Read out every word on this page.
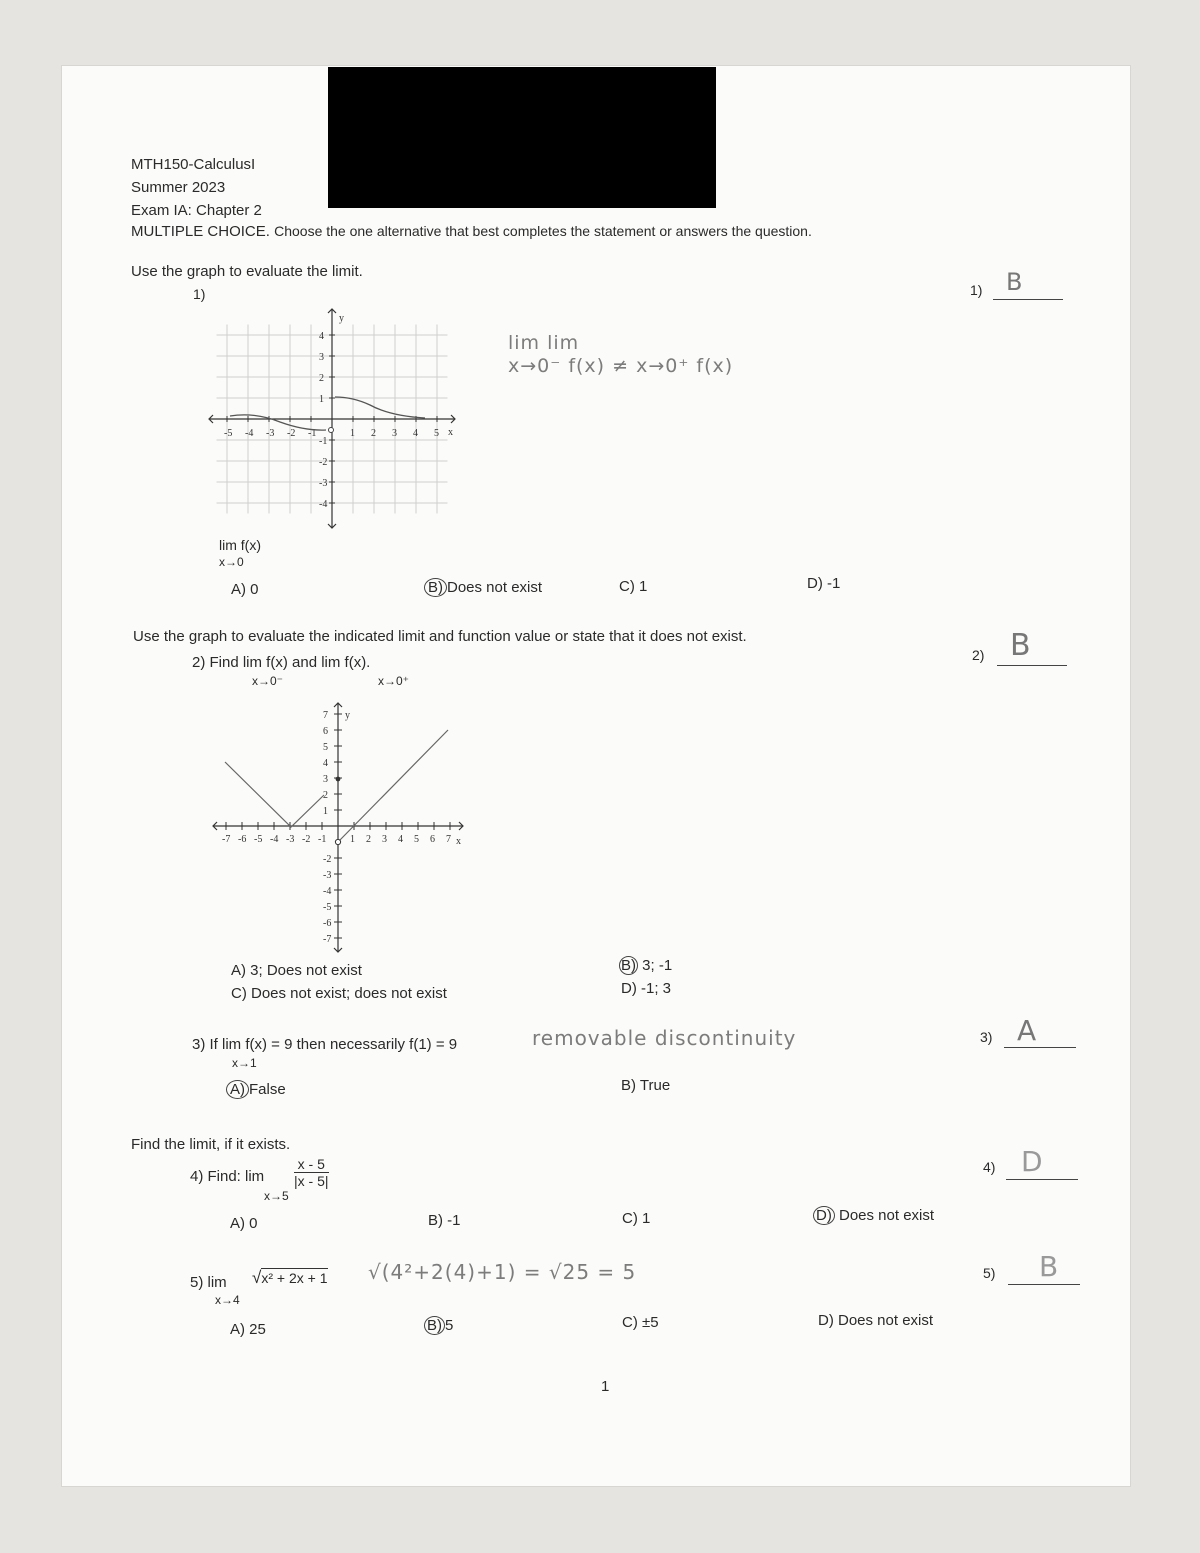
MTH150-CalculusI
Summer 2023
Exam IA: Chapter 2
MULTIPLE CHOICE. Choose the one alternative that best completes the statement or answers the question.
Use the graph to evaluate the limit.
1)
-5 -4 -3 -2 -1	1 2 3 4 5
4
3
2
1
-1
-2
-3
-4
y
x
lim lim
x→0⁻ f(x) ≠ x→0⁺ f(x)
lim f(x)
x→0
A) 0	B) Does not exist	C) 1	D) -1
1) B
Use the graph to evaluate the indicated limit and function value or state that it does not exist.
2) Find lim f(x) and lim f(x).
x→0⁻	x→0⁺
-7 -6 -5 -4 -3 -2 -1 1 2 3 4 5 6 7
7
6
5
4
3
2
1
-2
-3
-4
-5
-6
-7
y
x
A) 3; Does not exist	B) 3; -1
C) Does not exist; does not exist	D) -1; 3
2) B
3) If lim f(x) = 9 then necessarily f(1) = 9
x→1
removable discontinuity
A) False	B) True
3) A
Find the limit, if it exists.
4) Find: lim
x→5
$\frac{x - 5}{|x - 5|}$
A) 0	B) -1	C) 1	D) Does not exist
4) D
5) lim
x→4
√x² + 2x + 1 √(4²+2(4)+1) = √25 = 5
A) 25	B) 5	C) ±5	D) Does not exist
5) B
1
